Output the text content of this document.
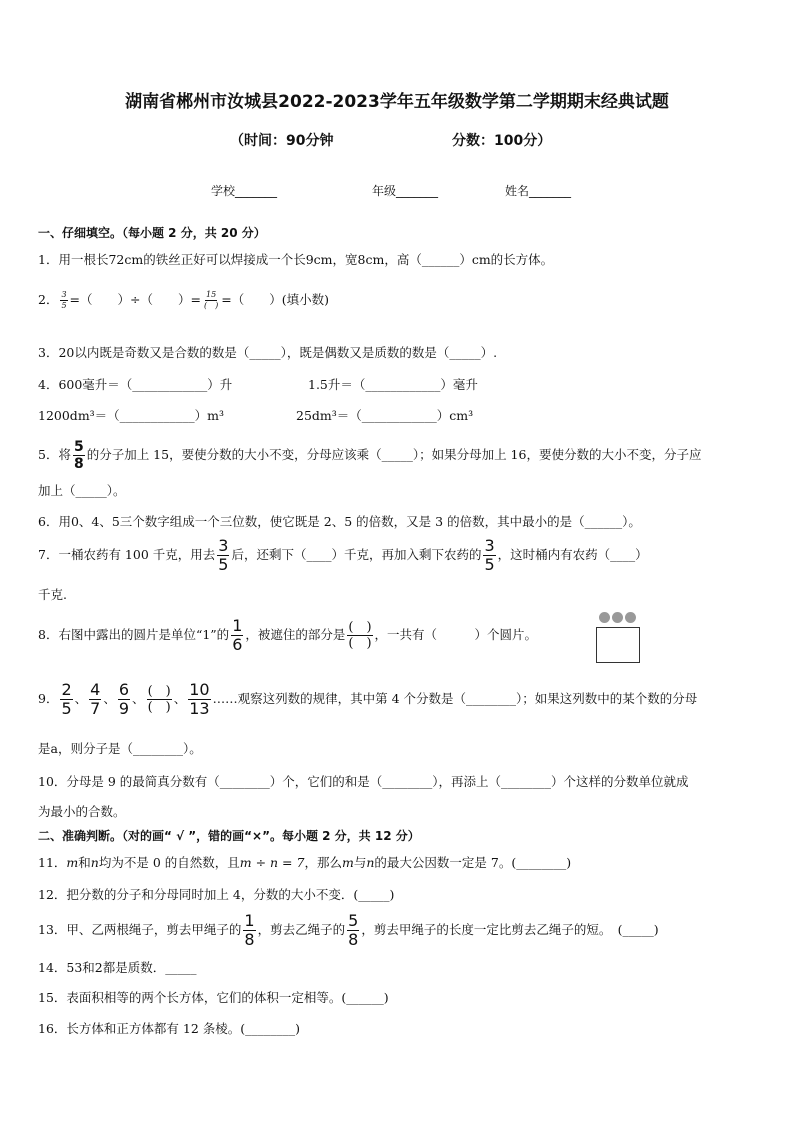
湖南省郴州市汝城县2022-2023学年五年级数学第二学期期末经典试题
（时间：90分钟	分数：100分）
学校_______	年级_______	姓名_______
一、仔细填空。（每小题 2 分，共 20 分）
1．用一根长72cm的铁丝正好可以焊接成一个长9cm，宽8cm，高（______）cm的长方体。
2． $\frac{3}{5}$ =（　　）÷（　　）= $\frac{15}{( )}$ =（　　）(填小数)
3．20以内既是奇数又是合数的数是（_____），既是偶数又是质数的数是（_____）.
4．600毫升＝（____________）升	1.5升＝（____________）毫升
1200dm³＝（____________）m³	25dm³＝（____________）cm³
5．将 $\frac{5}{8}$ 的分子加上 15，要使分数的大小不变，分母应该乘（_____）；如果分母加上 16，要使分数的大小不变，分子应
加上（_____）。
6．用0、4、5三个数字组成一个三位数，使它既是 2、5 的倍数，又是 3 的倍数，其中最小的是（______）。
7．一桶农药有 100 千克，用去 $\frac{3}{5}$ 后，还剩下（____）千克，再加入剩下农药的 $\frac{3}{5}$ ，这时桶内有农药（____）
千克.
8．右图中露出的圆片是单位“1”的 $\frac{1}{6}$ ，被遮住的部分是 $\frac{( )}{( )}$ ，一共有（　　　）个圆片。
9． $\frac{2}{5}$ 、 $\frac{4}{7}$ 、 $\frac{6}{9}$ 、 $\frac{( )}{( )}$ 、 $\frac{10}{13}$ ……观察这列数的规律，其中第 4 个分数是（________）；如果这列数中的某个数的分母
是a，则分子是（________）。
10．分母是 9 的最简真分数有（________）个，它们的和是（________），再添上（________）个这样的分数单位就成
为最小的合数。
二、准确判断。（对的画“ √ ”，错的画“×”。每小题 2 分，共 12 分）
11．m和n均为不是 0 的自然数，且m ÷ n = 7，那么m与n的最大公因数一定是 7。(________)
12．把分数的分子和分母同时加上 4，分数的大小不变．(_____)
13．甲、乙两根绳子，剪去甲绳子的 $\frac{1}{8}$ ，剪去乙绳子的 $\frac{5}{8}$ ，剪去甲绳子的长度一定比剪去乙绳子的短。　(_____)
14．53和2都是质数．_____
15．表面积相等的两个长方体，它们的体积一定相等。(______)
16．长方体和正方体都有 12 条棱。(________)
